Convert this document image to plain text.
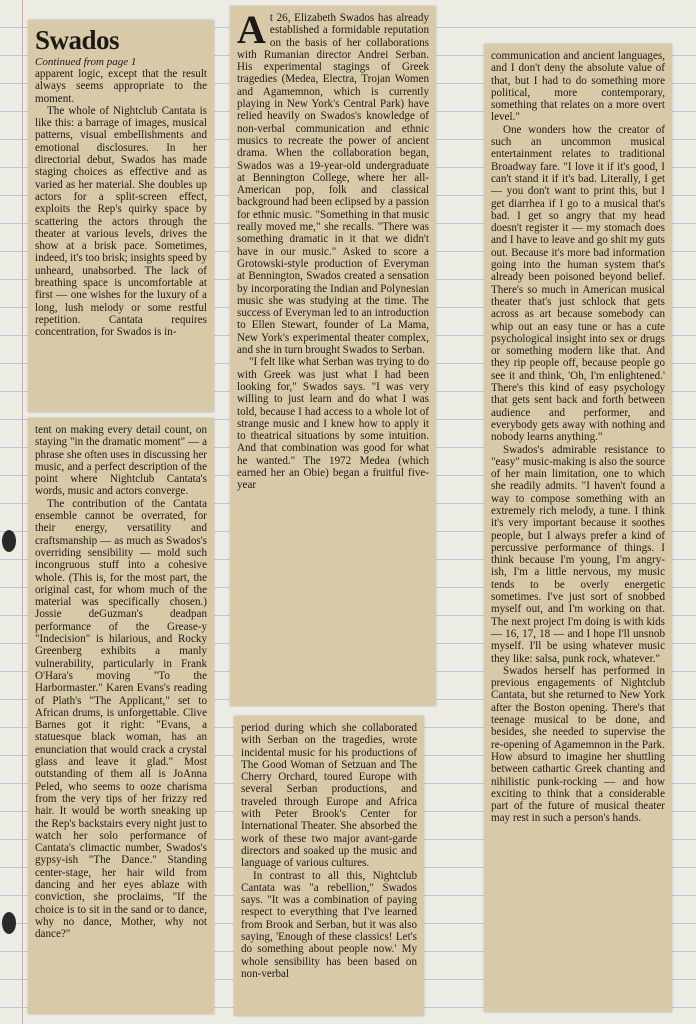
Swados
Continued from page 1

apparent logic, except that the result always seems appropriate to the moment.

The whole of Nightclub Cantata is like this: a barrage of images, musical patterns, visual embellishments and emotional disclosures. In her directorial debut, Swados has made staging choices as effective and as varied as her material. She doubles up actors for a split-screen effect, exploits the Rep's quirky space by scattering the actors through the theater at various levels, drives the show at a brisk pace. Sometimes, indeed, it's too brisk; insights speed by unheard, unabsorbed. The lack of breathing space is uncomfortable at first — one wishes for the luxury of a long, lush melody or some restful repetition. Cantata requires concentration, for Swados is in-

tent on making every detail count, on staying "in the dramatic moment" — a phrase she often uses in discussing her music, and a perfect description of the point where Nightclub Cantata's words, music and actors converge.

The contribution of the Cantata ensemble cannot be overrated, for their energy, versatility and craftsmanship — as much as Swados's overriding sensibility — mold such incongruous stuff into a cohesive whole. (This is, for the most part, the original cast, for whom much of the material was specifically chosen.) Jossie deGuzman's deadpan performance of the Grease-y "Indecision" is hilarious, and Rocky Greenberg exhibits a manly vulnerability, particularly in Frank O'Hara's moving "To the Harbormaster." Karen Evans's reading of Plath's "The Applicant," set to African drums, is unforgettable. Clive Barnes got it right: "Evans, a statuesque black woman, has an enunciation that would crack a crystal glass and leave it glad." Most outstanding of them all is JoAnna Peled, who seems to ooze charisma from the very tips of her frizzy red hair. It would be worth sneaking up the Rep's backstairs every night just to watch her solo performance of Cantata's climactic number, Swados's gypsy-ish "The Dance." Standing center-stage, her hair wild from dancing and her eyes ablaze with conviction, she proclaims, "If the choice is to sit in the sand or to dance, why no dance, Mother, why not dance?"

At 26, Elizabeth Swados has already established a formidable reputation on the basis of her collaborations with Rumanian director Andrei Serban. His experimental stagings of Greek tragedies (Medea, Electra, Trojan Women and Agamemnon, which is currently playing in New York's Central Park) have relied heavily on Swados's knowledge of non-verbal communication and ethnic musics to recreate the power of ancient drama. When the collaboration began, Swados was a 19-year-old undergraduate at Bennington College, where her all-American pop, folk and classical background had been eclipsed by a passion for ethnic music. "Something in that music really moved me," she recalls. "There was something dramatic in it that we didn't have in our music." Asked to score a Grotowski-style production of Everyman at Bennington, Swados created a sensation by incorporating the Indian and Polynesian music she was studying at the time. The success of Everyman led to an introduction to Ellen Stewart, founder of La Mama, New York's experimental theater complex, and she in turn brought Swados to Serban.

"I felt like what Serban was trying to do with Greek was just what I had been looking for," Swados says. "I was very willing to just learn and do what I was told, because I had access to a whole lot of strange music and I knew how to apply it to theatrical situations by some intuition. And that combination was good for what he wanted." The 1972 Medea (which earned her an Obie) began a fruitful five-year

period during which she collaborated with Serban on the tragedies, wrote incidental music for his productions of The Good Woman of Setzuan and The Cherry Orchard, toured Europe with several Serban productions, and traveled through Europe and Africa with Peter Brook's Center for International Theater. She absorbed the work of these two major avant-garde directors and soaked up the music and language of various cultures.

In contrast to all this, Nightclub Cantata was "a rebellion," Swados says. "It was a combination of paying respect to everything that I've learned from Brook and Serban, but it was also saying, 'Enough of these classics! Let's do something about people now.' My whole sensibility has been based on non-verbal

communication and ancient languages, and I don't deny the absolute value of that, but I had to do something more political, more contemporary, something that relates on a more overt level."

One wonders how the creator of such an uncommon musical entertainment relates to traditional Broadway fare. "I love it if it's good, I can't stand it if it's bad. Literally, I get — you don't want to print this, but I get diarrhea if I go to a musical that's bad. I get so angry that my head doesn't register it — my stomach does and I have to leave and go shit my guts out. Because it's more bad information going into the human system that's already been poisoned beyond belief. There's so much in American musical theater that's just schlock that gets across as art because somebody can whip out an easy tune or has a cute psychological insight into sex or drugs or something modern like that. And they rip people off, because people go see it and think, 'Oh, I'm enlightened.' There's this kind of easy psychology that gets sent back and forth between audience and performer, and everybody gets away with nothing and nobody learns anything."

Swados's admirable resistance to "easy" music-making is also the source of her main limitation, one to which she readily admits. "I haven't found a way to compose something with an extremely rich melody, a tune. I think it's very important because it soothes people, but I always prefer a kind of percussive performance of things. I think because I'm young, I'm angry-ish, I'm a little nervous, my music tends to be overly energetic sometimes. I've just sort of snobbed myself out, and I'm working on that. The next project I'm doing is with kids — 16, 17, 18 — and I hope I'll unsnob myself. I'll be using whatever music they like: salsa, punk rock, whatever."

Swados herself has performed in previous engagements of Nightclub Cantata, but she returned to New York after the Boston opening. There's that teenage musical to be done, and besides, she needed to supervise the re-opening of Agamemnon in the Park. How absurd to imagine her shuttling between cathartic Greek chanting and nihilistic punk-rocking — and how exciting to think that a considerable part of the future of musical theater may rest in such a person's hands.
